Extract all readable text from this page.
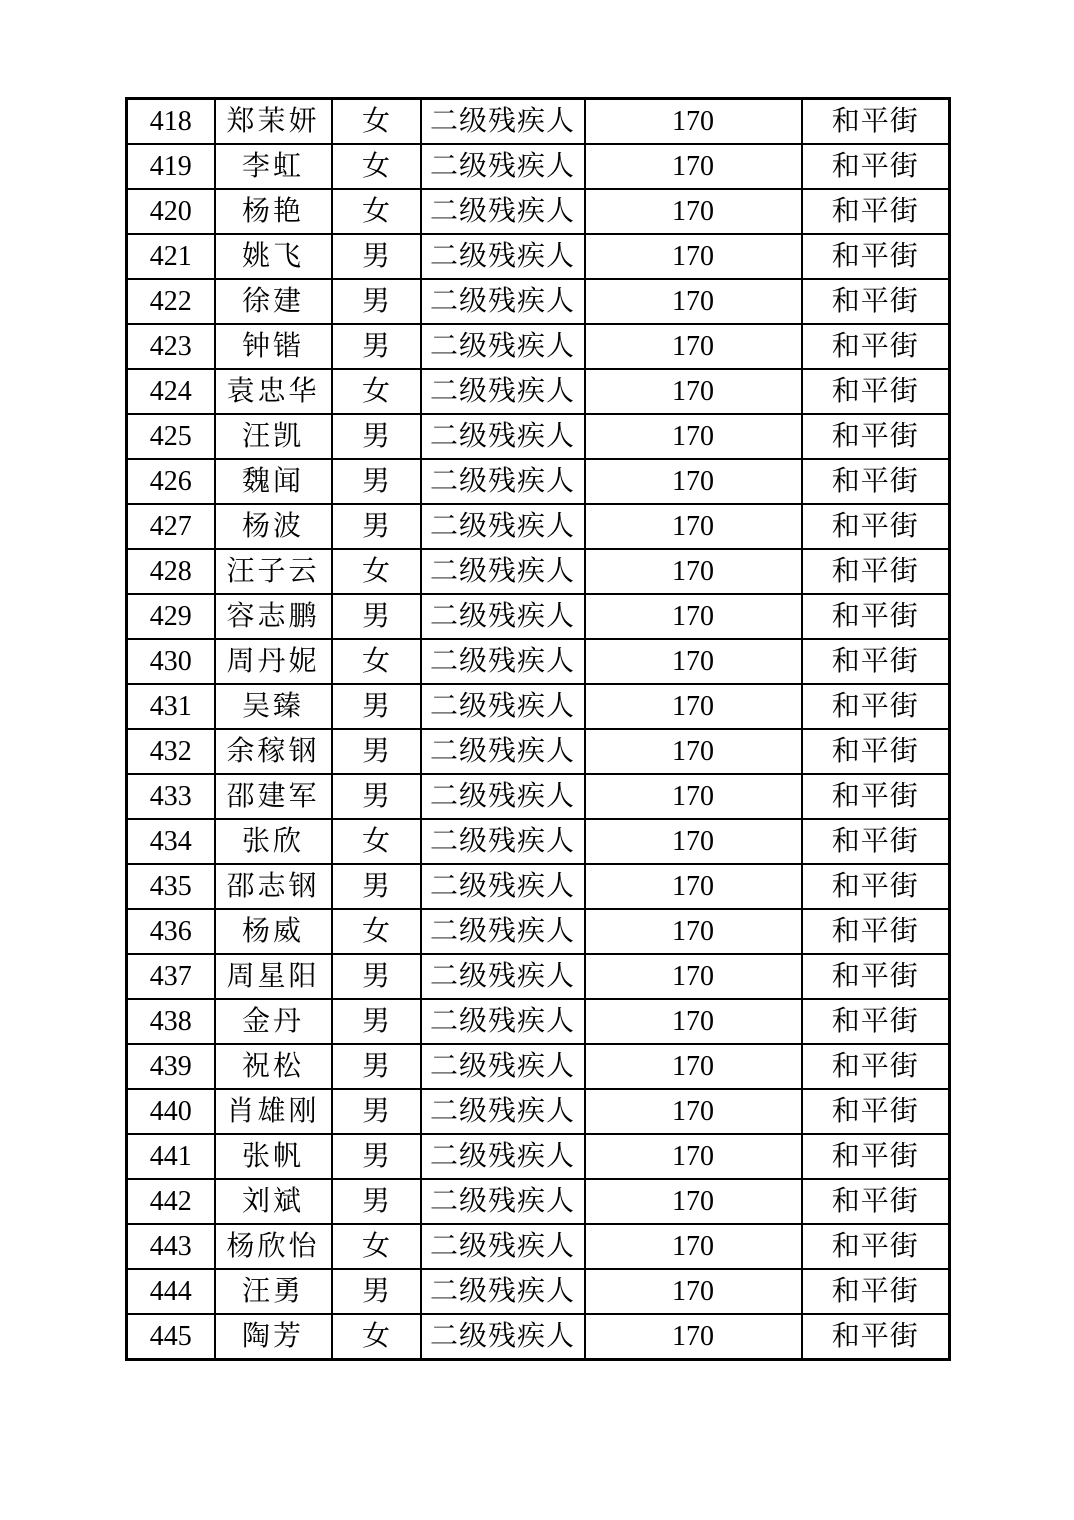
418	郑茉妍	女	二级残疾人	170	和平街
419	李虹	女	二级残疾人	170	和平街
420	杨艳	女	二级残疾人	170	和平街
421	姚飞	男	二级残疾人	170	和平街
422	徐建	男	二级残疾人	170	和平街
423	钟锴	男	二级残疾人	170	和平街
424	袁忠华	女	二级残疾人	170	和平街
425	汪凯	男	二级残疾人	170	和平街
426	魏闻	男	二级残疾人	170	和平街
427	杨波	男	二级残疾人	170	和平街
428	汪子云	女	二级残疾人	170	和平街
429	容志鹏	男	二级残疾人	170	和平街
430	周丹妮	女	二级残疾人	170	和平街
431	吴臻	男	二级残疾人	170	和平街
432	余稼钢	男	二级残疾人	170	和平街
433	邵建军	男	二级残疾人	170	和平街
434	张欣	女	二级残疾人	170	和平街
435	邵志钢	男	二级残疾人	170	和平街
436	杨威	女	二级残疾人	170	和平街
437	周星阳	男	二级残疾人	170	和平街
438	金丹	男	二级残疾人	170	和平街
439	祝松	男	二级残疾人	170	和平街
440	肖雄刚	男	二级残疾人	170	和平街
441	张帆	男	二级残疾人	170	和平街
442	刘斌	男	二级残疾人	170	和平街
443	杨欣怡	女	二级残疾人	170	和平街
444	汪勇	男	二级残疾人	170	和平街
445	陶芳	女	二级残疾人	170	和平街
